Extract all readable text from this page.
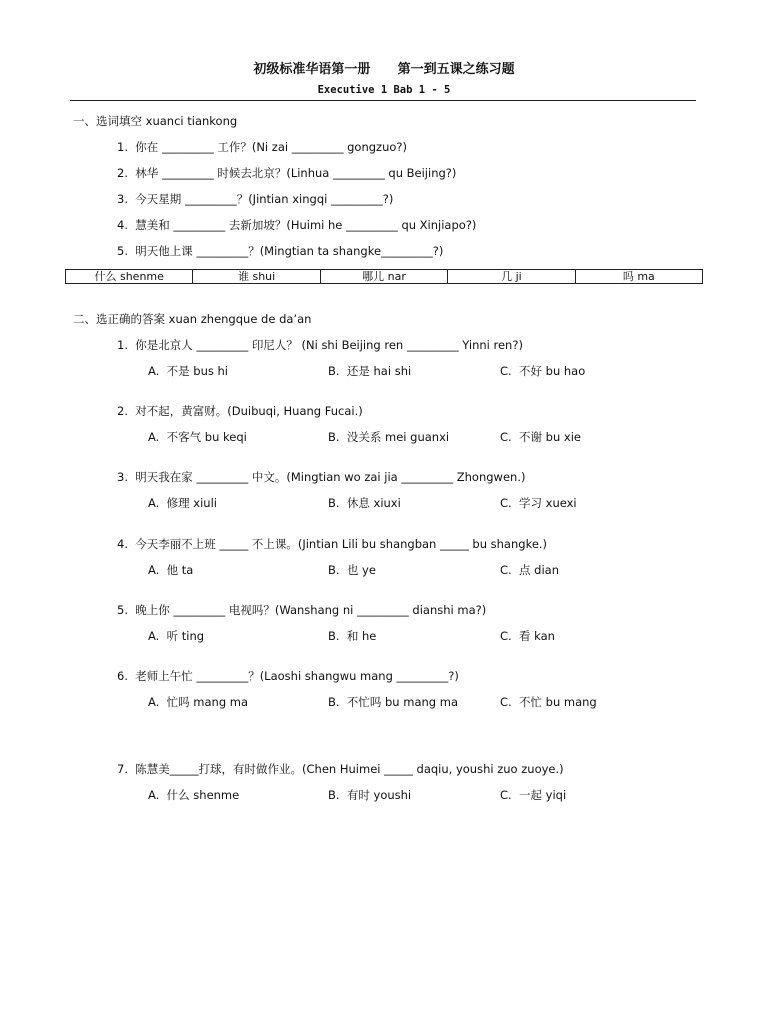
初级标准华语第一册      第一到五课之练习题
Executive 1 Bab 1 - 5
一、选词填空 xuanci tiankong
1.  你在 _________ 工作？(Ni zai _________ gongzuo?)
2.  林华 _________ 时候去北京？(Linhua _________ qu Beijing?)
3.  今天星期 _________？(Jintian xingqi _________?)
4.  慧美和 _________ 去新加坡？(Huimi he _________ qu Xinjiapo?)
5.  明天他上课 _________？(Mingtian ta shangke_________?)
什么 shenme	谁 shui	哪儿 nar	几 ji	吗 ma
二、选正确的答案 xuan zhengque de da’an
1.  你是北京人 _________ 印尼人？ (Ni shi Beijing ren _________ Yinni ren?)
A.  不是 bus hi	B.  还是 hai shi	C.  不好 bu hao
2.  对不起，黄富财。(Duibuqi, Huang Fucai.)
A.  不客气 bu keqi	B.  没关系 mei guanxi	C.  不谢 bu xie
3.  明天我在家 _________ 中文。(Mingtian wo zai jia _________ Zhongwen.)
A.  修理 xiuli	B.  休息 xiuxi	C.  学习 xuexi
4.  今天李丽不上班 _____ 不上课。(Jintian Lili bu shangban _____ bu shangke.)
A.  他 ta	B.  也 ye	C.  点 dian
5.  晚上你 _________ 电视吗？(Wanshang ni _________ dianshi ma?)
A.  听 ting	B.  和 he	C.  看 kan
6.  老师上午忙 _________？(Laoshi shangwu mang _________?)
A.  忙吗 mang ma	B.  不忙吗 bu mang ma	C.  不忙 bu mang
7.  陈慧美_____打球，有时做作业。(Chen Huimei _____ daqiu, youshi zuo zuoye.)
A.  什么 shenme	B.  有时 youshi	C.  一起 yiqi
